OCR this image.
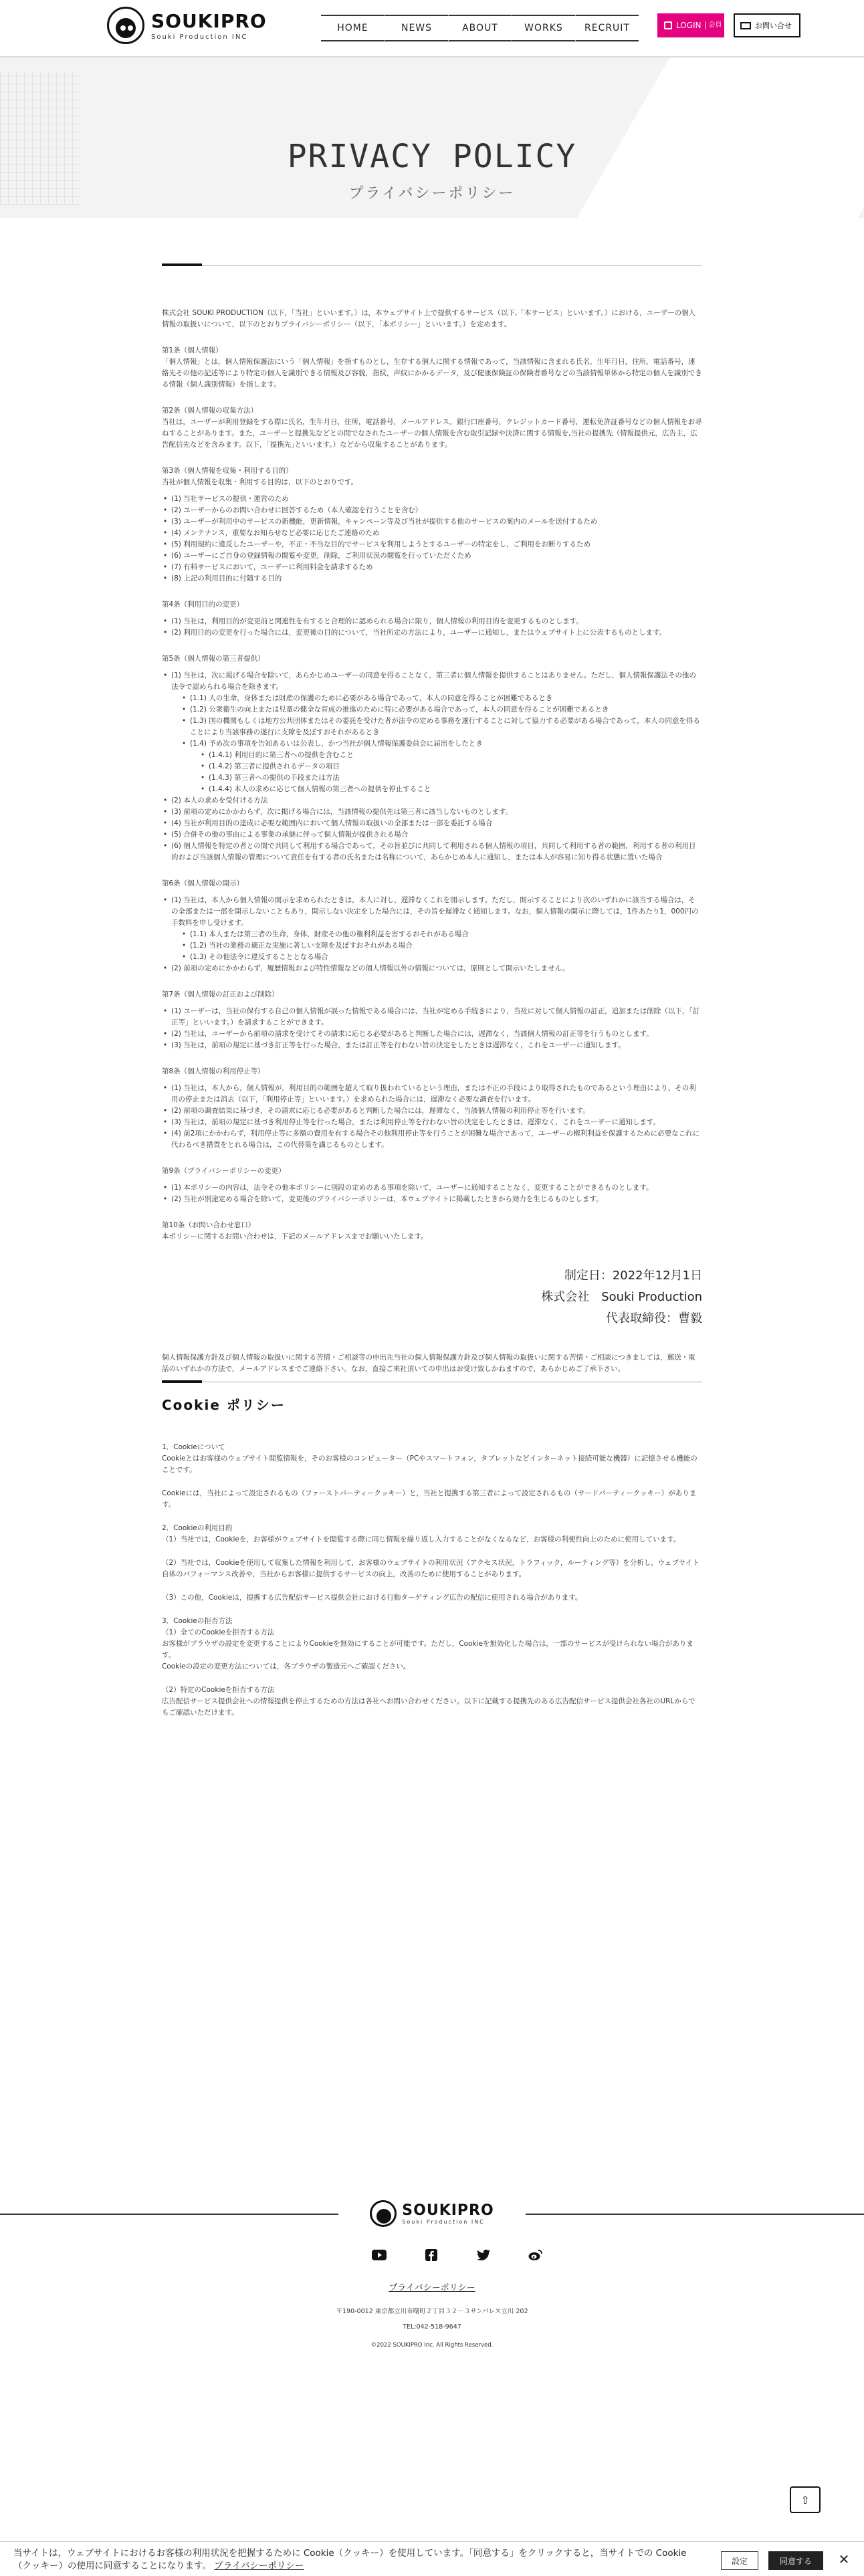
SOUKIPRO
Souki Production INC
HOME	NEWS	ABOUT	WORKS	RECRUIT	LOGIN	会員	お問い合せ
PRIVACY POLICY
プライバシーポリシー

株式会社 SOUKI PRODUCTION（以下，「当社」といいます。）は，本ウェブサイト上で提供するサービス（以下,「本サービス」といいます。）における，ユーザーの個人情報の取扱いについて，以下のとおりプライバシーポリシー（以下，「本ポリシー」といいます。）を定めます。

第1条（個人情報）

「個人情報」とは，個人情報保護法にいう「個人情報」を指すものとし，生存する個人に関する情報であって，当該情報に含まれる氏名，生年月日，住所，電話番号，連絡先その他の記述等により特定の個人を識別できる情報及び容貌，指紋，声紋にかかるデータ，及び健康保険証の保険者番号などの当該情報単体から特定の個人を識別できる情報（個人識別情報）を指します。

第2条（個人情報の収集方法）

当社は，ユーザーが利用登録をする際に氏名，生年月日，住所，電話番号，メールアドレス，銀行口座番号，クレジットカード番号，運転免許証番号などの個人情報をお尋ねすることがあります。また，ユーザーと提携先などとの間でなされたユーザーの個人情報を含む取引記録や決済に関する情報を,当社の提携先（情報提供元，広告主，広告配信先などを含みます。以下，｢提携先｣といいます。）などから収集することがあります。

第3条（個人情報を収集・利用する目的）

当社が個人情報を収集・利用する目的は，以下のとおりです。

• (1) 当社サービスの提供・運営のため
• (2) ユーザーからのお問い合わせに回答するため（本人確認を行うことを含む）
• (3) ユーザーが利用中のサービスの新機能，更新情報，キャンペーン等及び当社が提供する他のサービスの案内のメールを送付するため
• (4) メンテナンス，重要なお知らせなど必要に応じたご連絡のため
• (5) 利用規約に違反したユーザーや，不正・不当な目的でサービスを利用しようとするユーザーの特定をし，ご利用をお断りするため
• (6) ユーザーにご自身の登録情報の閲覧や変更，削除，ご利用状況の閲覧を行っていただくため
• (7) 有料サービスにおいて，ユーザーに利用料金を請求するため
• (8) 上記の利用目的に付随する目的

第4条（利用目的の変更）

• (1) 当社は，利用目的が変更前と関連性を有すると合理的に認められる場合に限り，個人情報の利用目的を変更するものとします。
• (2) 利用目的の変更を行った場合には，変更後の目的について，当社所定の方法により，ユーザーに通知し，またはウェブサイト上に公表するものとします。

第5条（個人情報の第三者提供）

• (1) 当社は，次に掲げる場合を除いて，あらかじめユーザーの同意を得ることなく，第三者に個人情報を提供することはありません。ただし，個人情報保護法その他の法令で認められる場合を除きます。
• (1.1) 人の生命，身体または財産の保護のために必要がある場合であって，本人の同意を得ることが困難であるとき
• (1.2) 公衆衛生の向上または児童の健全な育成の推進のために特に必要がある場合であって，本人の同意を得ることが困難であるとき
• (1.3) 国の機関もしくは地方公共団体またはその委託を受けた者が法令の定める事務を遂行することに対して協力する必要がある場合であって，本人の同意を得ることにより当該事務の遂行に支障を及ぼすおそれがあるとき
• (1.4) 予め次の事項を告知あるいは公表し，かつ当社が個人情報保護委員会に届出をしたとき
• (1.4.1) 利用目的に第三者への提供を含むこと
• (1.4.2) 第三者に提供されるデータの項目
• (1.4.3) 第三者への提供の手段または方法
• (1.4.4) 本人の求めに応じて個人情報の第三者への提供を停止すること
• (2) 本人の求めを受付ける方法
• (3) 前項の定めにかかわらず，次に掲げる場合には，当該情報の提供先は第三者に該当しないものとします。
• (4) 当社が利用目的の達成に必要な範囲内において個人情報の取扱いの全部または一部を委託する場合
• (5) 合併その他の事由による事業の承継に伴って個人情報が提供される場合
• (6) 個人情報を特定の者との間で共同して利用する場合であって，その旨並びに共同して利用される個人情報の項目，共同して利用する者の範囲，利用する者の利用目的および当該個人情報の管理について責任を有する者の氏名または名称について，あらかじめ本人に通知し，または本人が容易に知り得る状態に置いた場合

第6条（個人情報の開示）

• (1) 当社は，本人から個人情報の開示を求められたときは，本人に対し，遅滞なくこれを開示します。ただし，開示することにより次のいずれかに該当する場合は，その全部または一部を開示しないこともあり，開示しない決定をした場合には，その旨を遅滞なく通知します。なお，個人情報の開示に際しては，1件あたり1，000円の手数料を申し受けます。
• (1.1) 本人または第三者の生命，身体，財産その他の権利利益を害するおそれがある場合
• (1.2) 当社の業務の適正な実施に著しい支障を及ぼすおそれがある場合
• (1.3) その他法令に違反することとなる場合
• (2) 前項の定めにかかわらず，履歴情報および特性情報などの個人情報以外の情報については，原則として開示いたしません。

第7条（個人情報の訂正および削除）

• (1) ユーザーは，当社の保有する自己の個人情報が誤った情報である場合には，当社が定める手続きにより，当社に対して個人情報の訂正，追加または削除（以下，「訂正等」といいます。）を請求することができます。
• (2) 当社は，ユーザーから前項の請求を受けてその請求に応じる必要があると判断した場合には，遅滞なく，当該個人情報の訂正等を行うものとします。
• (3) 当社は，前項の規定に基づき訂正等を行った場合，または訂正等を行わない旨の決定をしたときは遅滞なく，これをユーザーに通知します。

第8条（個人情報の利用停止等）

• (1) 当社は，本人から，個人情報が，利用目的の範囲を超えて取り扱われているという理由，または不正の手段により取得されたものであるという理由により，その利用の停止または消去（以下，「利用停止等」といいます。）を求められた場合には，遅滞なく必要な調査を行います。
• (2) 前項の調査結果に基づき，その請求に応じる必要があると判断した場合には，遅滞なく，当該個人情報の利用停止等を行います。
• (3) 当社は，前項の規定に基づき利用停止等を行った場合，または利用停止等を行わない旨の決定をしたときは，遅滞なく，これをユーザーに通知します。
• (4) 前2項にかかわらず，利用停止等に多額の費用を有する場合その他利用停止等を行うことが困難な場合であって，ユーザーの権利利益を保護するために必要なこれに代わるべき措置をとれる場合は，この代替策を講じるものとします。

第9条（プライバシーポリシーの変更）

• (1) 本ポリシーの内容は，法令その他本ポリシーに別段の定めのある事項を除いて，ユーザーに通知することなく，変更することができるものとします。
• (2) 当社が別途定める場合を除いて，変更後のプライバシーポリシーは，本ウェブサイトに掲載したときから効力を生じるものとします。

第10条（お問い合わせ窓口）

本ポリシーに関するお問い合わせは，下記のメールアドレスまでお願いいたします。

制定日：2022年12月1日
株式会社　Souki Production
代表取締役：曹毅

個人情報保護方針及び個人情報の取扱いに関する苦情・ご相談等の申出先当社の個人情報保護方針及び個人情報の取扱いに関する苦情・ご相談につきましては，郵送・電話のいずれかの方法で，メールアドレスまでご連絡下さい。なお，直接ご来社頂いての申出はお受け致しかねますので，あらかじめご了承下さい。

Cookie ポリシー

1．Cookieについて

Cookieとはお客様のウェブサイト閲覧情報を，そのお客様のコンピューター（PCやスマートフォン，タブレットなどインターネット接続可能な機器）に記憶させる機能のことです。

Cookieには，当社によって設定されるもの（ファーストパーティークッキー）と，当社と提携する第三者によって設定されるもの（サードパーティークッキー）があります。

2．Cookieの利用目的

（1）当社では，Cookieを，お客様がウェブサイトを閲覧する際に同じ情報を繰り返し入力することがなくなるなど，お客様の利便性向上のために使用しています。

（2）当社では，Cookieを使用して収集した情報を利用して，お客様のウェブサイトの利用状況（アクセス状況，トラフィック，ルーティング等）を分析し，ウェブサイト自体のパフォーマンス改善や，当社からお客様に提供するサービスの向上，改善のために使用することがあります。

（3）この他，Cookieは，提携する広告配信サービス提供会社における行動ターゲティング広告の配信に使用される場合があります。

3．Cookieの拒否方法

（1）全てのCookieを拒否する方法

お客様がブラウザの設定を変更することによりCookieを無効にすることが可能です。ただし，Cookieを無効化した場合は，一部のサービスが受けられない場合があります。

Cookieの設定の変更方法については，各ブラウザの製造元へご確認ください。

（2）特定のCookieを拒否する方法

広告配信サービス提供会社への情報提供を停止するための方法は各社へお問い合わせください。以下に記載する提携先のある広告配信サービス提供会社各社のURLからでもご確認いただけます。

SOUKIPRO
Souki Production INC
プライバシーポリシー
〒190-0012 東京都立川市曙町２丁目３２－３サンパレス立川 202
TEL:042-518-9647
©2022 SOUKIPRO Inc. All Rights Reserved.
⇧
当サイトは，ウェブサイトにおけるお客様の利用状況を把握するために Cookie（クッキー）を使用しています。「同意する」をクリックすると，当サイトでの Cookie（クッキー）の使用に同意することになります。 プライバシーポリシー	設定	同意する	✕
